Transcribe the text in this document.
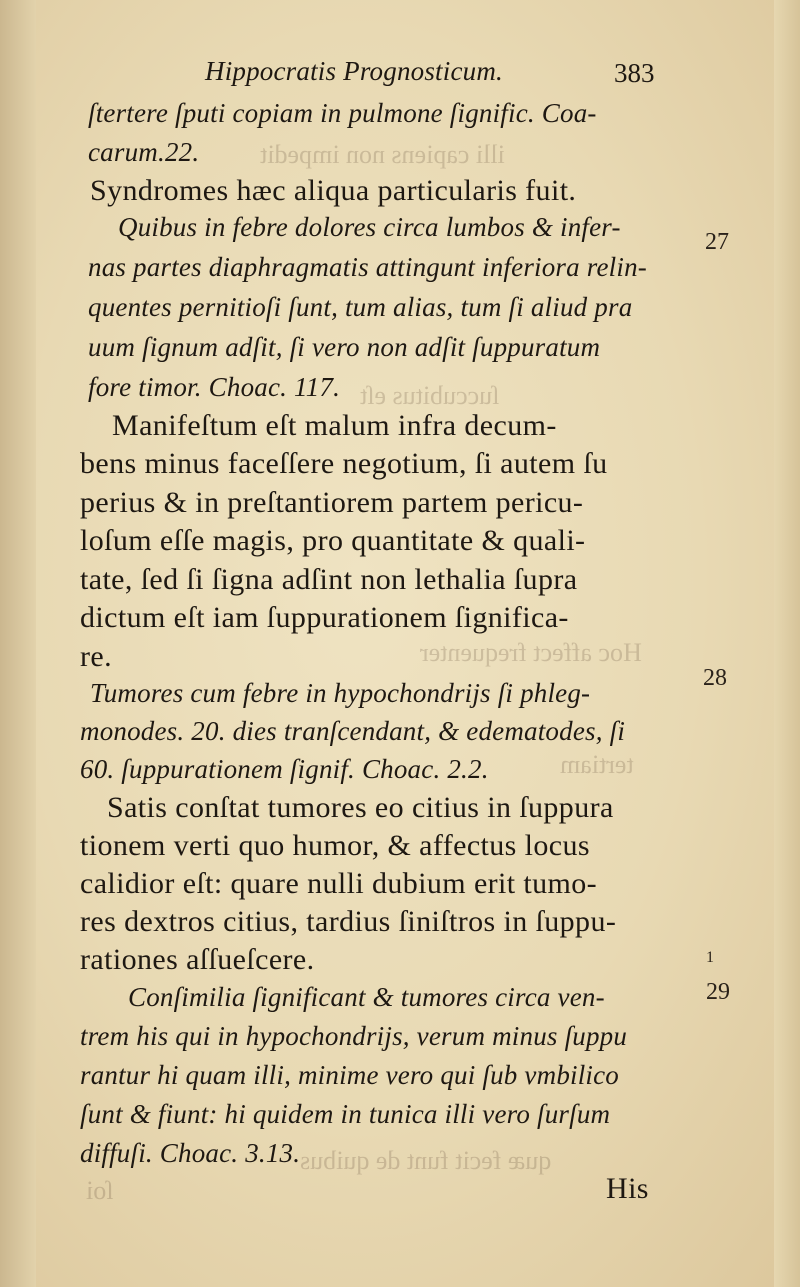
illi capiens non impedit
ſuccubitus eſt
Hoc affect frequenter
tertiam
quæ fecit funt de quibus
ſoi
Hippocratis Prognosticum.	383
ſtertere ſputi copiam in pulmone ſignific. Coa-
carum.22.
Syndromes hæc aliqua particularis fuit.
Quibus in febre dolores circa lumbos & infer-
nas partes diaphragmatis attingunt inferiora relin-
quentes pernitioſi ſunt, tum alias, tum ſi aliud pra
uum ſignum adſit, ſi vero non adſit ſuppuratum
fore timor. Choac. 117.
Manifeſtum eſt malum infra decum-
bens minus faceſſere negotium, ſi autem ſu
perius & in preſtantiorem partem pericu-
loſum eſſe magis, pro quantitate & quali-
tate, ſed ſi ſigna adſint non lethalia ſupra
dictum eſt iam ſuppurationem ſignifica-
re.
Tumores cum febre in hypochondrijs ſi phleg-
monodes. 20. dies tranſcendant, & edematodes, ſi
60. ſuppurationem ſignif. Choac. 2.2.
Satis conſtat tumores eo citius in ſuppura
tionem verti quo humor, & affectus locus
calidior eſt: quare nulli dubium erit tumo-
res dextros citius, tardius ſiniſtros in ſuppu-
rationes aſſueſcere.
Conſimilia ſignificant & tumores circa ven-
trem his qui in hypochondrijs, verum minus ſuppu
rantur hi quam illi, minime vero qui ſub vmbilico
ſunt & fiunt: hi quidem in tunica illi vero ſurſum
diffuſi. Choac. 3.13.
His
27
28
29
1
